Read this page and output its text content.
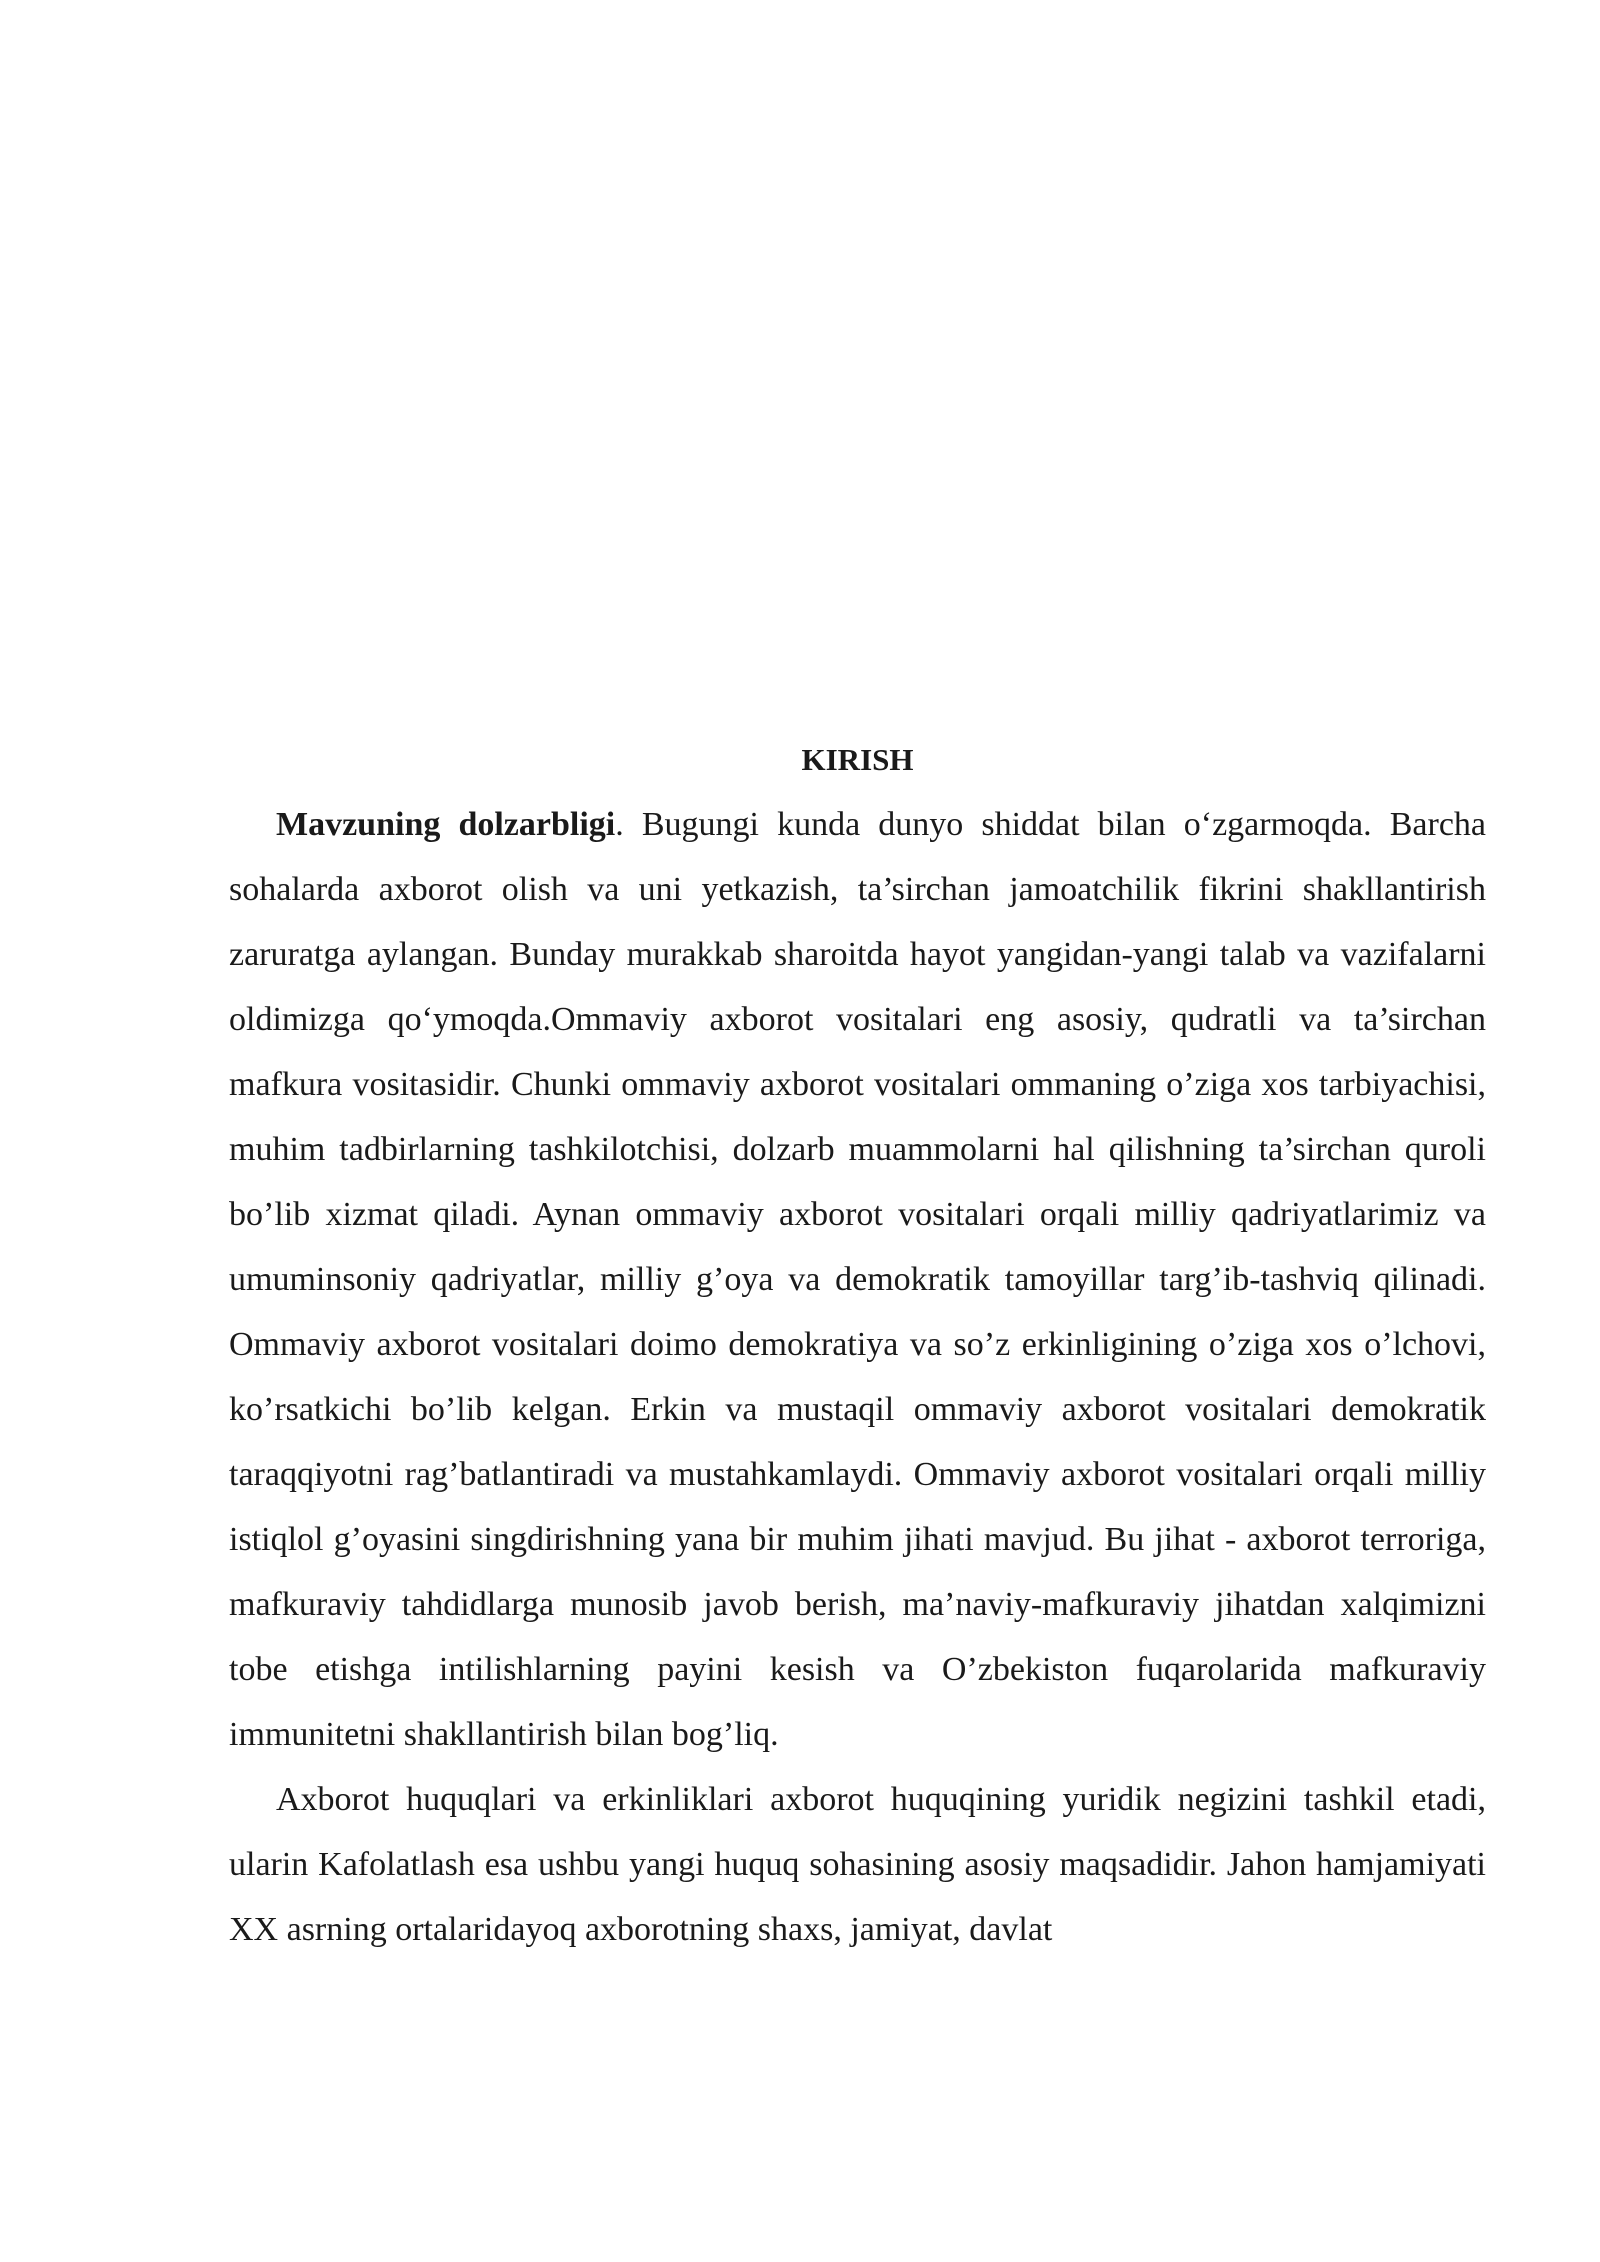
KIRISH

Mavzuning dolzarbligi. Bugungi kunda dunyo shiddat bilan o‘zgarmoqda. Barcha sohalarda axborot olish va uni yetkazish, ta’sirchan jamoatchilik fikrini shakllantirish zaruratga aylangan. Bunday murakkab sharoitda hayot yangidan-yangi talab va vazifalarni oldimizga qo‘ymoqda.Ommaviy axborot vositalari eng asosiy, qudratli va ta’sirchan mafkura vositasidir. Chunki ommaviy axborot vositalari ommaning o’ziga xos tarbiyachisi, muhim tadbirlarning tashkilotchisi, dolzarb muammolarni hal qilishning ta’sirchan quroli bo’lib xizmat qiladi. Aynan ommaviy axborot vositalari orqali milliy qadriyatlarimiz va umuminsoniy qadriyatlar, milliy g’oya va demokratik tamoyillar targ’ib-tashviq qilinadi. Ommaviy axborot vositalari doimo demokratiya va so’z erkinligining o’ziga xos o’lchovi, ko’rsatkichi bo’lib kelgan. Erkin va mustaqil ommaviy axborot vositalari demokratik taraqqiyotni rag’batlantiradi va mustahkamlaydi. Ommaviy axborot vositalari orqali milliy istiqlol g’oyasini singdirishning yana bir muhim jihati mavjud. Bu jihat - axborot terroriga, mafkuraviy tahdidlarga munosib javob berish, ma’naviy-mafkuraviy jihatdan xalqimizni tobe etishga intilishlarning payini kesish va O’zbekiston fuqarolarida mafkuraviy immunitetni shakllantirish bilan bog’liq.

Axborot huquqlari va erkinliklari axborot huquqining yuridik negizini tashkil etadi, ularin Kafolatlash esa ushbu yangi huquq sohasining asosiy maqsadidir. Jahon hamjamiyati XX asrning ortalaridayoq axborotning shaxs, jamiyat, davlat
